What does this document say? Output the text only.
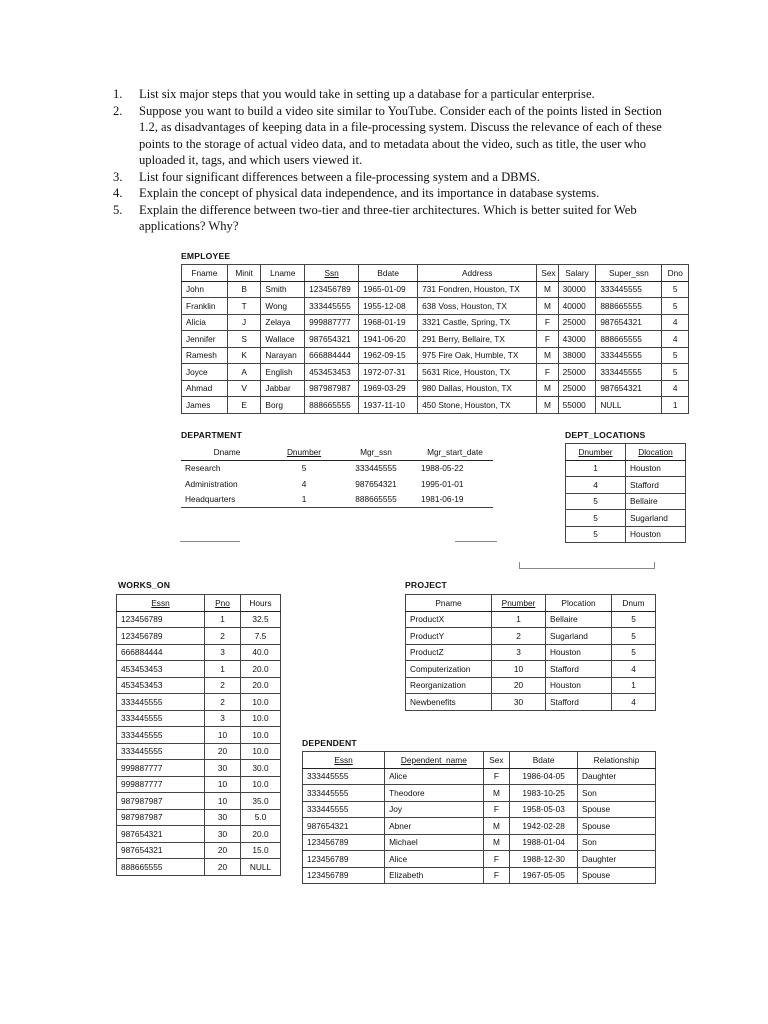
1. List six major steps that you would take in setting up a database for a particular enterprise.
2. Suppose you want to build a video site similar to YouTube. Consider each of the points listed in Section 1.2, as disadvantages of keeping data in a file-processing system. Discuss the relevance of each of these points to the storage of actual video data, and to metadata about the video, such as title, the user who uploaded it, tags, and which users viewed it.
3. List four significant differences between a file-processing system and a DBMS.
4. Explain the concept of physical data independence, and its importance in database systems.
5. Explain the difference between two-tier and three-tier architectures. Which is better suited for Web applications? Why?
EMPLOYEE
Fname	Minit	Lname	Ssn	Bdate	Address	Sex	Salary	Super_ssn	Dno
John	B	Smith	123456789	1965-01-09	731 Fondren, Houston, TX	M	30000	333445555	5
Franklin	T	Wong	333445555	1955-12-08	638 Voss, Houston, TX	M	40000	888665555	5
Alicia	J	Zelaya	999887777	1968-01-19	3321 Castle, Spring, TX	F	25000	987654321	4
Jennifer	S	Wallace	987654321	1941-06-20	291 Berry, Bellaire, TX	F	43000	888665555	4
Ramesh	K	Narayan	666884444	1962-09-15	975 Fire Oak, Humble, TX	M	38000	333445555	5
Joyce	A	English	453453453	1972-07-31	5631 Rice, Houston, TX	F	25000	333445555	5
Ahmad	V	Jabbar	987987987	1969-03-29	980 Dallas, Houston, TX	M	25000	987654321	4
James	E	Borg	888665555	1937-11-10	450 Stone, Houston, TX	M	55000	NULL	1
DEPARTMENT
Dname	Dnumber	Mgr_ssn	Mgr_start_date
Research	5	333445555	1988-05-22
Administration	4	987654321	1995-01-01
Headquarters	1	888665555	1981-06-19
DEPT_LOCATIONS
Dnumber	Dlocation
1	Houston
4	Stafford
5	Bellaire
5	Sugarland
5	Houston
WORKS_ON
Essn	Pno	Hours
123456789	1	32.5
123456789	2	7.5
666884444	3	40.0
453453453	1	20.0
453453453	2	20.0
333445555	2	10.0
333445555	3	10.0
333445555	10	10.0
333445555	20	10.0
999887777	30	30.0
999887777	10	10.0
987987987	10	35.0
987987987	30	5.0
987654321	30	20.0
987654321	20	15.0
888665555	20	NULL
PROJECT
Pname	Pnumber	Plocation	Dnum
ProductX	1	Bellaire	5
ProductY	2	Sugarland	5
ProductZ	3	Houston	5
Computerization	10	Stafford	4
Reorganization	20	Houston	1
Newbenefits	30	Stafford	4
DEPENDENT
Essn	Dependent_name	Sex	Bdate	Relationship
333445555	Alice	F	1986-04-05	Daughter
333445555	Theodore	M	1983-10-25	Son
333445555	Joy	F	1958-05-03	Spouse
987654321	Abner	M	1942-02-28	Spouse
123456789	Michael	M	1988-01-04	Son
123456789	Alice	F	1988-12-30	Daughter
123456789	Elizabeth	F	1967-05-05	Spouse
